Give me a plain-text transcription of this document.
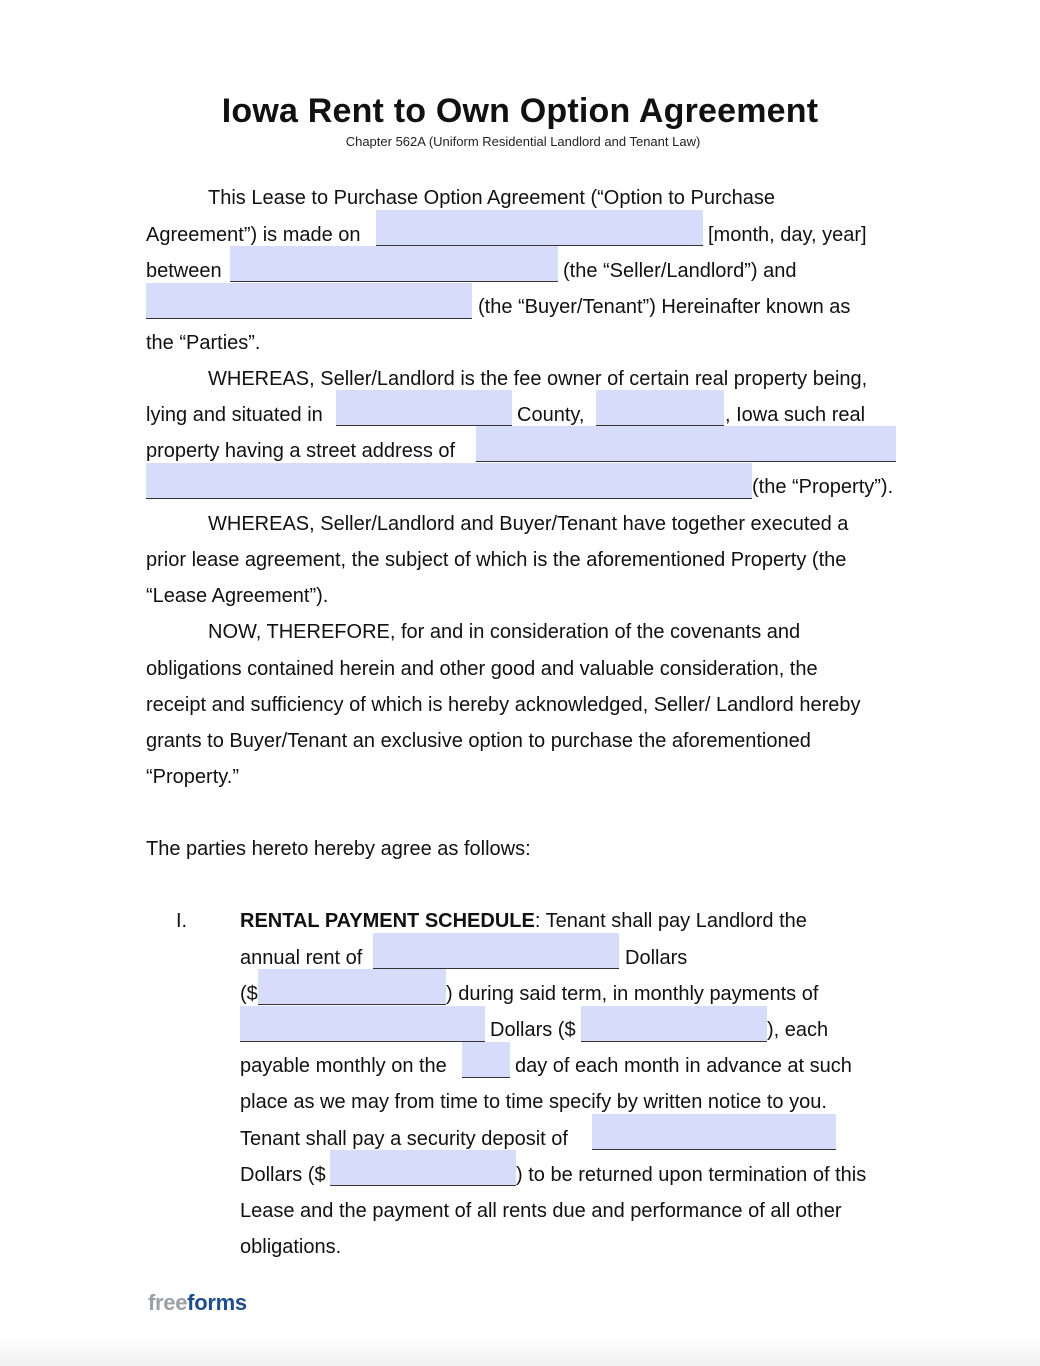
Iowa Rent to Own Option Agreement
Chapter 562A (Uniform Residential Landlord and Tenant Law)
This Lease to Purchase Option Agreement (“Option to Purchase
Agreement”) is made on	[month, day, year]
between	(the “Seller/Landlord”) and
(the “Buyer/Tenant”) Hereinafter known as
the “Parties”.
WHEREAS, Seller/Landlord is the fee owner of certain real property being,
lying and situated in	County,	, Iowa such real
property having a street address of
(the “Property”).
WHEREAS, Seller/Landlord and Buyer/Tenant have together executed a
prior lease agreement, the subject of which is the aforementioned Property (the
“Lease Agreement”).
NOW, THEREFORE, for and in consideration of the covenants and
obligations contained herein and other good and valuable consideration, the
receipt and sufficiency of which is hereby acknowledged, Seller/ Landlord hereby
grants to Buyer/Tenant an exclusive option to purchase the aforementioned
“Property.”
The parties hereto hereby agree as follows:
I.	RENTAL PAYMENT SCHEDULE: Tenant shall pay Landlord the
annual rent of	Dollars
($	) during said term, in monthly payments of
Dollars ($	), each
payable monthly on the	day of each month in advance at such
place as we may from time to time specify by written notice to you.
Tenant shall pay a security deposit of
Dollars ($	) to be returned upon termination of this
Lease and the payment of all rents due and performance of all other
obligations.
freeforms
